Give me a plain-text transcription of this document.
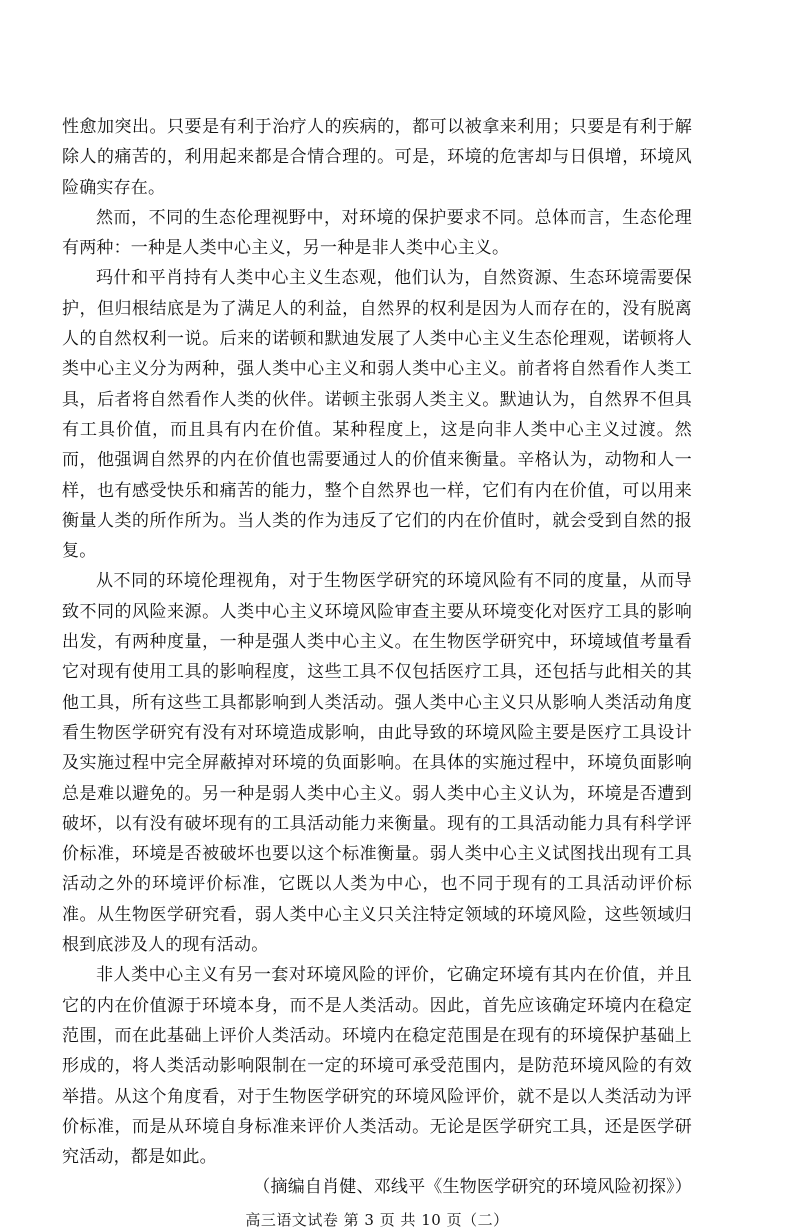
性愈加突出。只要是有利于治疗人的疾病的，都可以被拿来利用；只要是有利于解除人的痛苦的，利用起来都是合情合理的。可是，环境的危害却与日俱增，环境风险确实存在。

然而，不同的生态伦理视野中，对环境的保护要求不同。总体而言，生态伦理有两种：一种是人类中心主义，另一种是非人类中心主义。

玛什和平肖持有人类中心主义生态观，他们认为，自然资源、生态环境需要保护，但归根结底是为了满足人的利益，自然界的权利是因为人而存在的，没有脱离人的自然权利一说。后来的诺顿和默迪发展了人类中心主义生态伦理观，诺顿将人类中心主义分为两种，强人类中心主义和弱人类中心主义。前者将自然看作人类工具，后者将自然看作人类的伙伴。诺顿主张弱人类主义。默迪认为，自然界不但具有工具价值，而且具有内在价值。某种程度上，这是向非人类中心主义过渡。然而，他强调自然界的内在价值也需要通过人的价值来衡量。辛格认为，动物和人一样，也有感受快乐和痛苦的能力，整个自然界也一样，它们有内在价值，可以用来衡量人类的所作所为。当人类的作为违反了它们的内在价值时，就会受到自然的报复。

从不同的环境伦理视角，对于生物医学研究的环境风险有不同的度量，从而导致不同的风险来源。人类中心主义环境风险审查主要从环境变化对医疗工具的影响出发，有两种度量，一种是强人类中心主义。在生物医学研究中，环境域值考量看它对现有使用工具的影响程度，这些工具不仅包括医疗工具，还包括与此相关的其他工具，所有这些工具都影响到人类活动。强人类中心主义只从影响人类活动角度看生物医学研究有没有对环境造成影响，由此导致的环境风险主要是医疗工具设计及实施过程中完全屏蔽掉对环境的负面影响。在具体的实施过程中，环境负面影响总是难以避免的。另一种是弱人类中心主义。弱人类中心主义认为，环境是否遭到破坏，以有没有破坏现有的工具活动能力来衡量。现有的工具活动能力具有科学评价标准，环境是否被破坏也要以这个标准衡量。弱人类中心主义试图找出现有工具活动之外的环境评价标准，它既以人类为中心，也不同于现有的工具活动评价标准。从生物医学研究看，弱人类中心主义只关注特定领域的环境风险，这些领域归根到底涉及人的现有活动。

非人类中心主义有另一套对环境风险的评价，它确定环境有其内在价值，并且它的内在价值源于环境本身，而不是人类活动。因此，首先应该确定环境内在稳定范围，而在此基础上评价人类活动。环境内在稳定范围是在现有的环境保护基础上形成的，将人类活动影响限制在一定的环境可承受范围内，是防范环境风险的有效举措。从这个角度看，对于生物医学研究的环境风险评价，就不是以人类活动为评价标准，而是从环境自身标准来评价人类活动。无论是医学研究工具，还是医学研究活动，都是如此。

（摘编自肖健、邓线平《生物医学研究的环境风险初探》）

高三语文试卷 第 3 页 共 10 页（二）
